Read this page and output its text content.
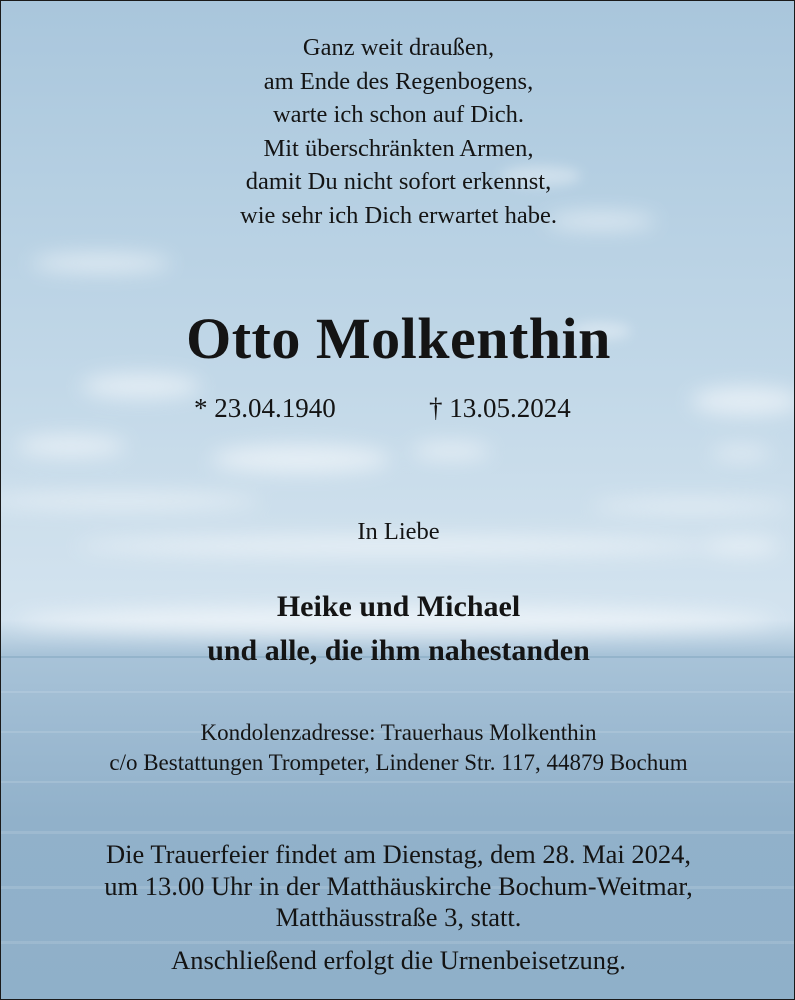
Ganz weit draußen,
am Ende des Regenbogens,
warte ich schon auf Dich.
Mit überschränkten Armen,
damit Du nicht sofort erkennst,
wie sehr ich Dich erwartet habe.
Otto Molkenthin
* 23.04.1940	† 13.05.2024
In Liebe
Heike und Michael
und alle, die ihm nahestanden
Kondolenzadresse: Trauerhaus Molkenthin
c/o Bestattungen Trompeter, Lindener Str. 117, 44879 Bochum
Die Trauerfeier findet am Dienstag, dem 28. Mai 2024,
um 13.00 Uhr in der Matthäuskirche Bochum-Weitmar,
Matthäusstraße 3, statt.
Anschließend erfolgt die Urnenbeisetzung.
